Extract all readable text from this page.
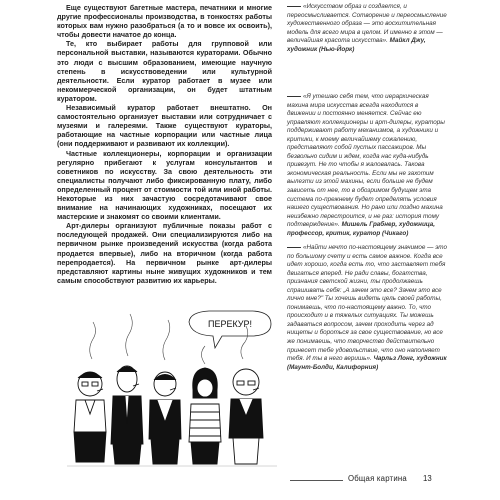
Еще существуют багетные мастера, печатники и многие другие профессионалы производства, в тонкостях работы которых вам нужно разобраться (а то и вовсе их освоить), чтобы довести начатое до конца.

Те, кто выбирает работы для групповой или персональной выставки, называются кураторами. Обычно это люди с высшим образованием, имеющие научную степень в искусствоведении или культурной деятельности. Если куратор работает в музее или некоммерческой организации, он будет штатным куратором.

Независимый куратор работает внештатно. Он самостоятельно организует выставки или сотрудничает с музеями и галереями. Также существуют кураторы, работающие на частные корпорации или частные лица (они поддерживают и развивают их коллекции).

Частные коллекционеры, корпорации и организации регулярно прибегают к услугам консультантов и советников по искусству. За свою деятельность эти специалисты получают либо фиксированную плату, либо определенный процент от стоимости той или иной работы. Некоторые из них зачастую сосредотачивают свое внимание на начинающих художниках, посещают их мастерские и знакомят со своими клиентами.

Арт-дилеры организуют публичные показы работ с последующей продажей. Они специализируются либо на первичном рынке произведений искусства (когда работа продается впервые), либо на вторичном (когда работа перепродается). На первичном рынке арт-дилеры представляют картины ныне живущих художников и тем самым способствуют развитию их карьеры.

«Искусством образ и создается, и переосмысливается. Сотворение и переосмысление художественного образа — это восхитительная модель для всего мира в целом. И именно в этом — величайшая красота искусства». Майкл Джу, художник (Нью-Йорк)
«Я утешаю себя тем, что иерархическая махина мира искусства всегда находится в движении и постоянно меняется. Сейчас ею управляют коллекционеры и арт-дилеры, кураторы поддерживают работу механизмов, а художники и критики, к моему величайшему сожалению, представляют собой пустых пассажиров. Мы безвольно сидим и ждем, когда нас куда-нибудь привезут. Не то чтобы я жаловалась. Такова экономическая реальность. Если мы не захотим вылезти из этой махины, если больше не будем зависеть от нее, то в обозримом будущем эта система по-прежнему будет определять условия нашего существования. Но рано или поздно махина неизбежно перестроится, и не раз: история тому подтверждение». Мишель Грабнер, художница, профессор, критик, куратор (Чикаго)
«Найти нечто по-настоящему значимое — это по большому счету и есть самое важное. Когда все идет хорошо, когда есть то, что заставляет тебя двигаться вперед. Не ради славы, богатства, признания светской жизни, ты продолжаешь спрашивать себя: „А зачем это все? Зачем это все лично мне?" Ты хочешь видеть цель своей работы, понимаешь, что по-настоящему важно. То, что происходит и в тяжелых ситуациях. Ты можешь задаваться вопросом, зачем проходить через ад нищеты и бороться за свое существование, но все же понимаешь, что творчество действительно принесет тебе удовольствие, что оно наполняет тебя. И ты в него веришь». Чарльз Лонг, художник (Маунт-Болди, Калифорния)
ПЕРЕКУР!
Общая картина 13
